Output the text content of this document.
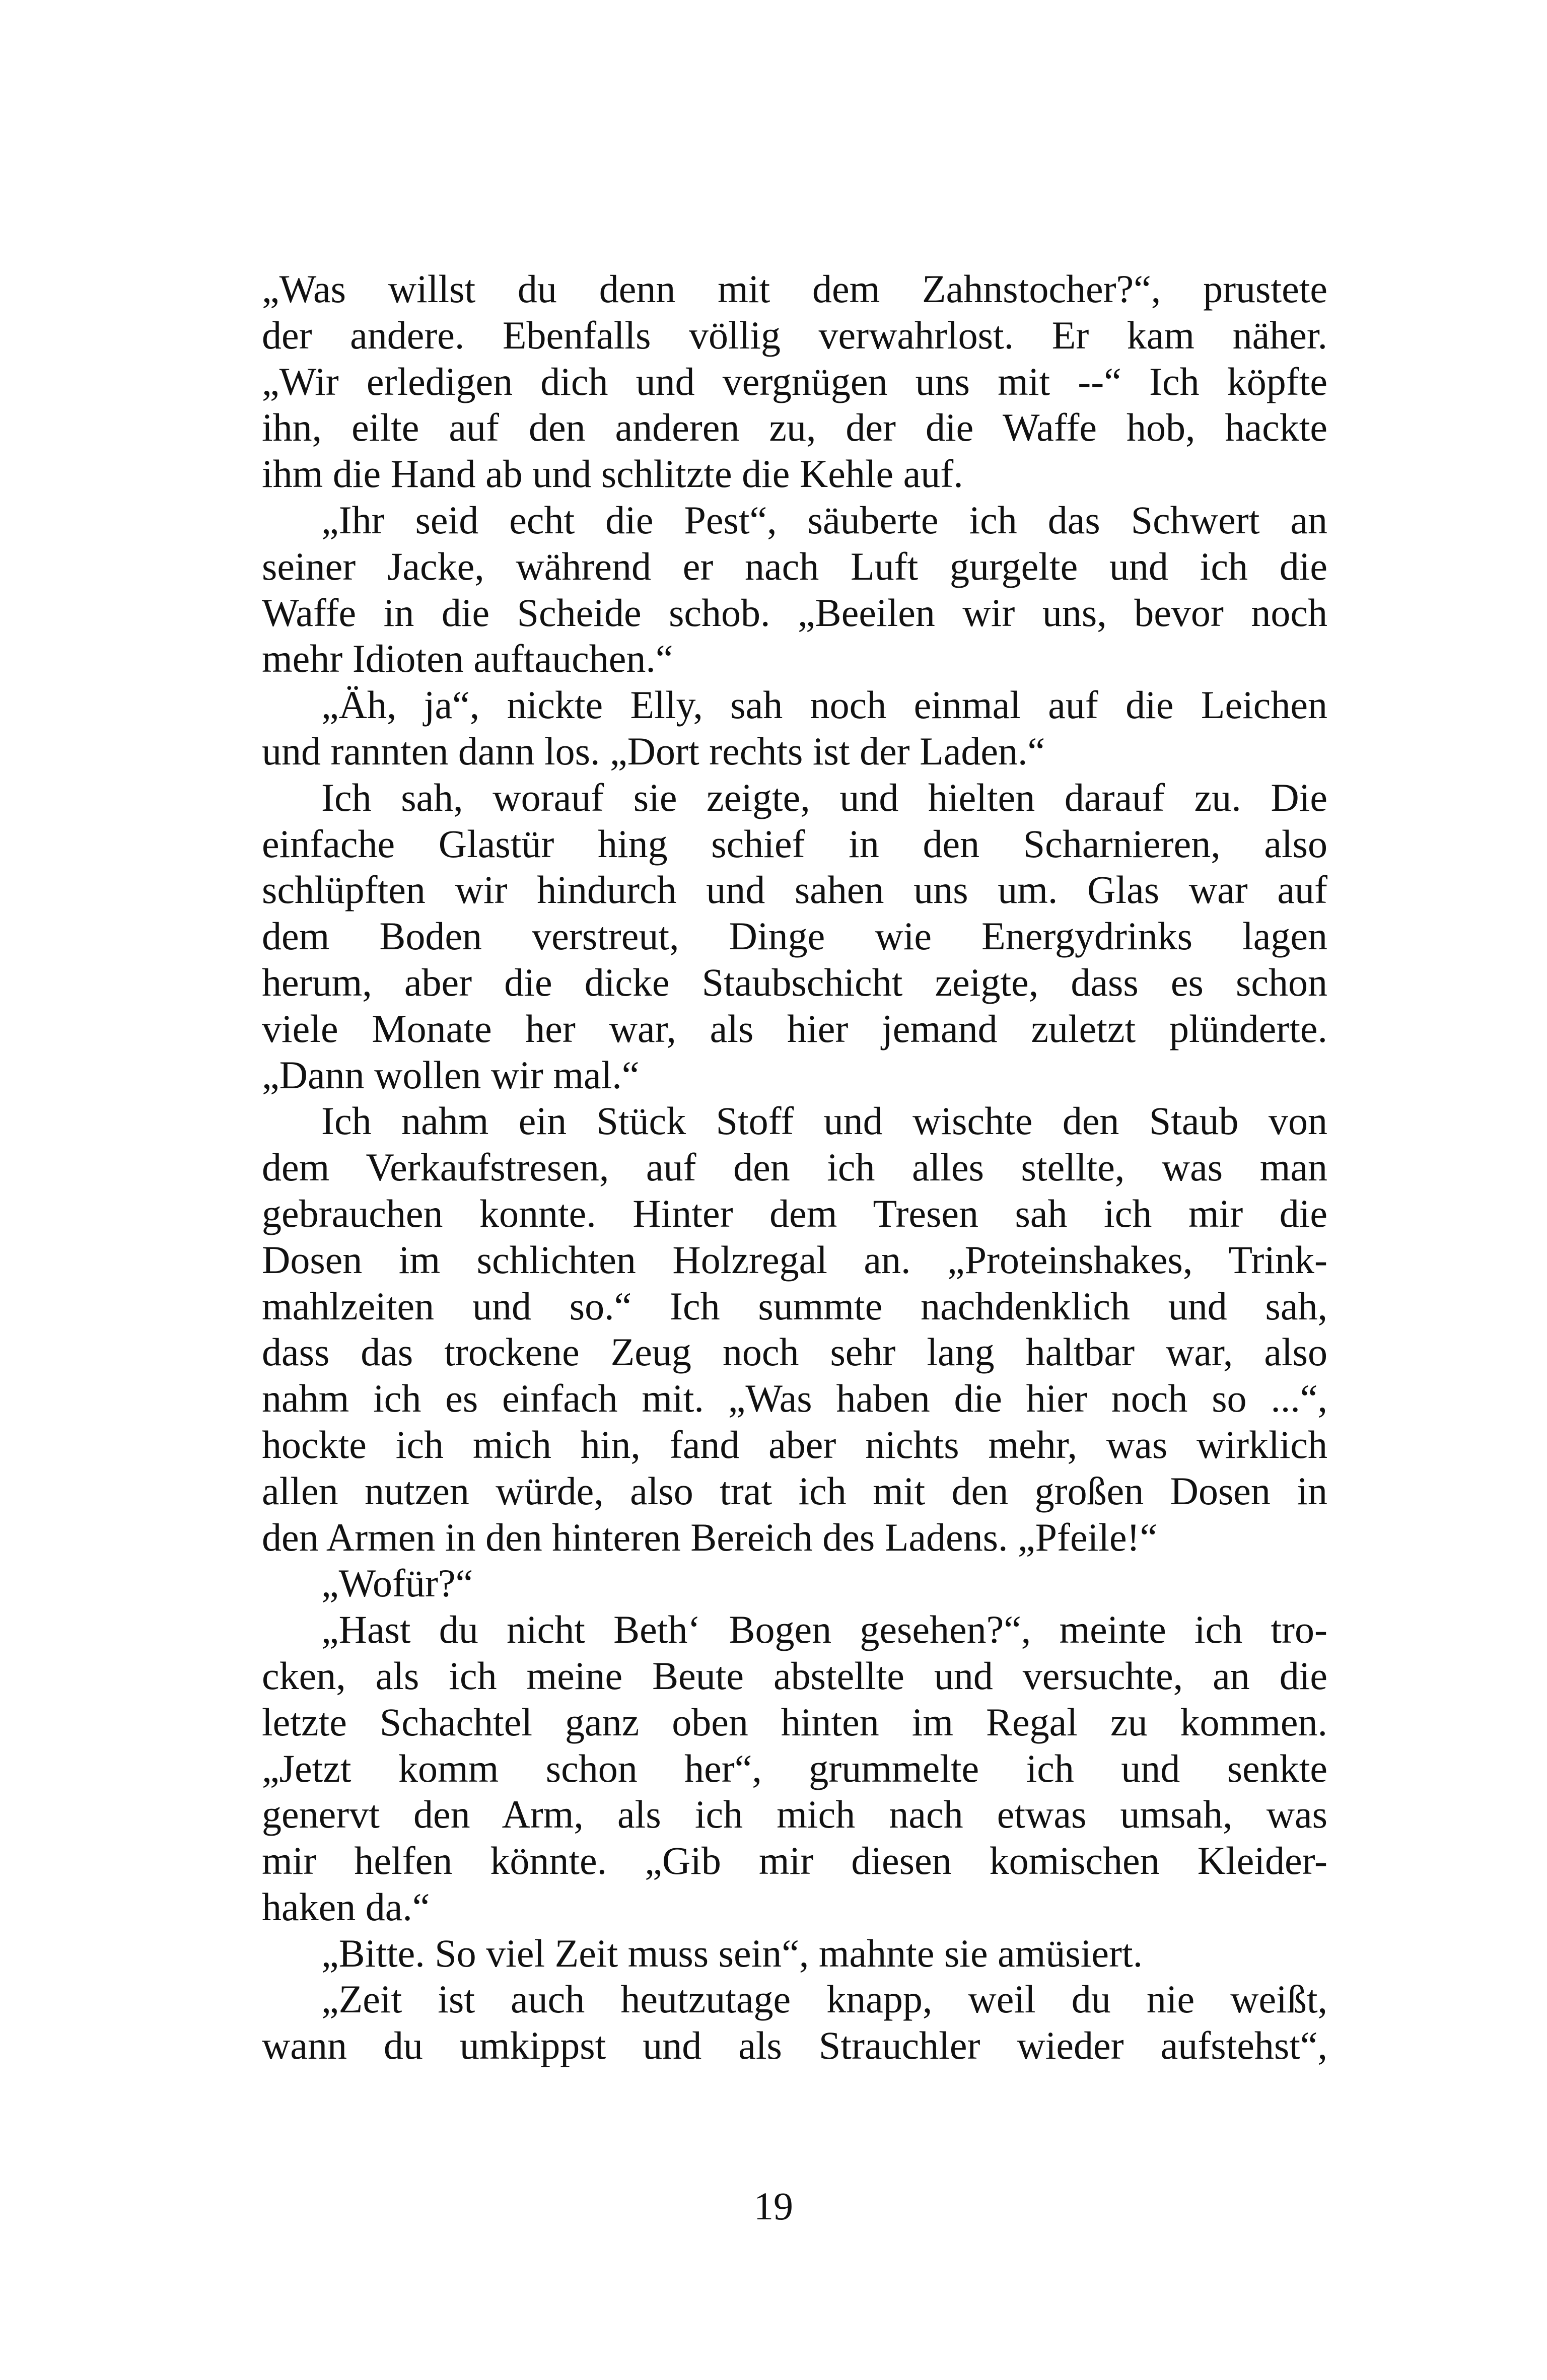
„Was willst du denn mit dem Zahnstocher?“, prustete
der andere. Ebenfalls völlig verwahrlost. Er kam näher.
„Wir erledigen dich und vergnügen uns mit --“ Ich köpfte
ihn, eilte auf den anderen zu, der die Waffe hob, hackte
ihm die Hand ab und schlitzte die Kehle auf.
„Ihr seid echt die Pest“, säuberte ich das Schwert an
seiner Jacke, während er nach Luft gurgelte und ich die
Waffe in die Scheide schob. „Beeilen wir uns, bevor noch
mehr Idioten auftauchen.“
„Äh, ja“, nickte Elly, sah noch einmal auf die Leichen
und rannten dann los. „Dort rechts ist der Laden.“
Ich sah, worauf sie zeigte, und hielten darauf zu. Die
einfache Glastür hing schief in den Scharnieren, also
schlüpften wir hindurch und sahen uns um. Glas war auf
dem Boden verstreut, Dinge wie Energydrinks lagen
herum, aber die dicke Staubschicht zeigte, dass es schon
viele Monate her war, als hier jemand zuletzt plünderte.
„Dann wollen wir mal.“
Ich nahm ein Stück Stoff und wischte den Staub von
dem Verkaufstresen, auf den ich alles stellte, was man
gebrauchen konnte. Hinter dem Tresen sah ich mir die
Dosen im schlichten Holzregal an. „Proteinshakes, Trink-
mahlzeiten und so.“ Ich summte nachdenklich und sah,
dass das trockene Zeug noch sehr lang haltbar war, also
nahm ich es einfach mit. „Was haben die hier noch so ...“,
hockte ich mich hin, fand aber nichts mehr, was wirklich
allen nutzen würde, also trat ich mit den großen Dosen in
den Armen in den hinteren Bereich des Ladens. „Pfeile!“
„Wofür?“
„Hast du nicht Beth‘ Bogen gesehen?“, meinte ich tro-
cken, als ich meine Beute abstellte und versuchte, an die
letzte Schachtel ganz oben hinten im Regal zu kommen.
„Jetzt komm schon her“, grummelte ich und senkte
genervt den Arm, als ich mich nach etwas umsah, was
mir helfen könnte. „Gib mir diesen komischen Kleider-
haken da.“
„Bitte. So viel Zeit muss sein“, mahnte sie amüsiert.
„Zeit ist auch heutzutage knapp, weil du nie weißt,
wann du umkippst und als Strauchler wieder aufstehst“,
19
